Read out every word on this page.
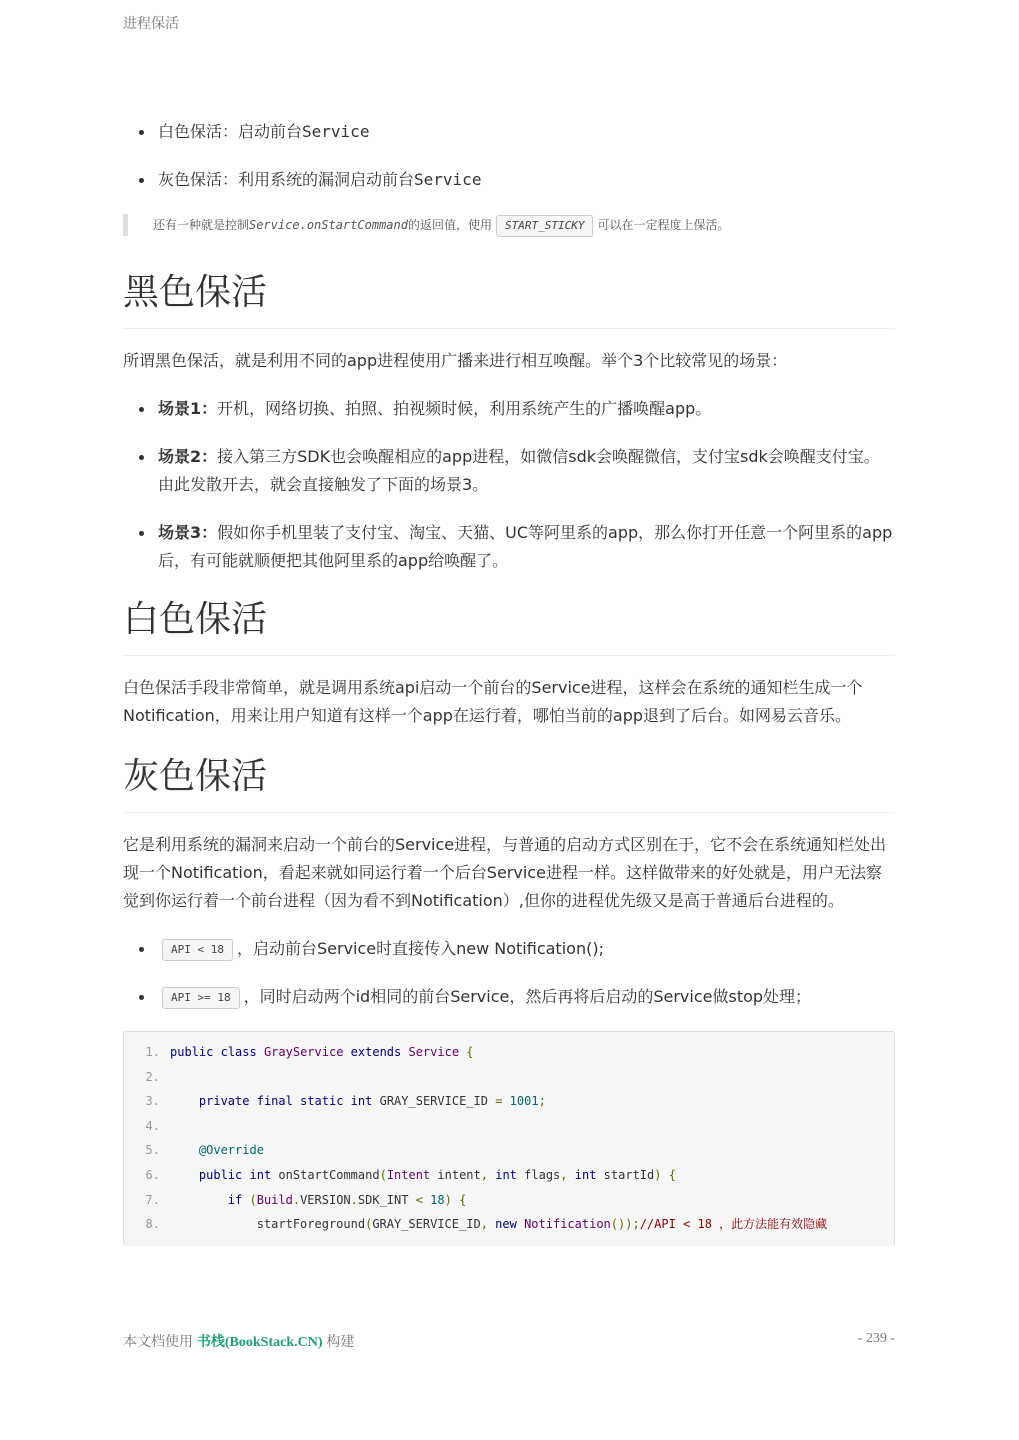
进程保活
白色保活：启动前台Service
灰色保活：利用系统的漏洞启动前台Service
还有一种就是控制Service.onStartCommand的返回值，使用 START_STICKY 可以在一定程度上保活。
黑色保活

所谓黑色保活，就是利用不同的app进程使用广播来进行相互唤醒。举个3个比较常见的场景：

场景1：开机，网络切换、拍照、拍视频时候，利用系统产生的广播唤醒app。
场景2：接入第三方SDK也会唤醒相应的app进程，如微信sdk会唤醒微信，支付宝sdk会唤醒支付宝。由此发散开去，就会直接触发了下面的场景3。
场景3：假如你手机里装了支付宝、淘宝、天猫、UC等阿里系的app，那么你打开任意一个阿里系的app后，有可能就顺便把其他阿里系的app给唤醒了。
白色保活

白色保活手段非常简单，就是调用系统api启动一个前台的Service进程，这样会在系统的通知栏生成一个Notification，用来让用户知道有这样一个app在运行着，哪怕当前的app退到了后台。如网易云音乐。

灰色保活

它是利用系统的漏洞来启动一个前台的Service进程，与普通的启动方式区别在于，它不会在系统通知栏处出现一个Notification，看起来就如同运行着一个后台Service进程一样。这样做带来的好处就是，用户无法察觉到你运行着一个前台进程（因为看不到Notification）,但你的进程优先级又是高于普通后台进程的。

API < 18 ，启动前台Service时直接传入new Notification();
API >= 18 ，同时启动两个id相同的前台Service，然后再将后启动的Service做stop处理；
1. public class GrayService extends Service {
2.
3.	private final static int GRAY_SERVICE_ID = 1001;
4.
5.	@Override
6.	public int onStartCommand(Intent intent, int flags, int startId) {
7.	if (Build.VERSION.SDK_INT < 18) {
8.	startForeground(GRAY_SERVICE_ID, new Notification());//API < 18 ，此方法能有效隐藏
本文档使用 书栈(BookStack.CN) 构建	- 239 -
